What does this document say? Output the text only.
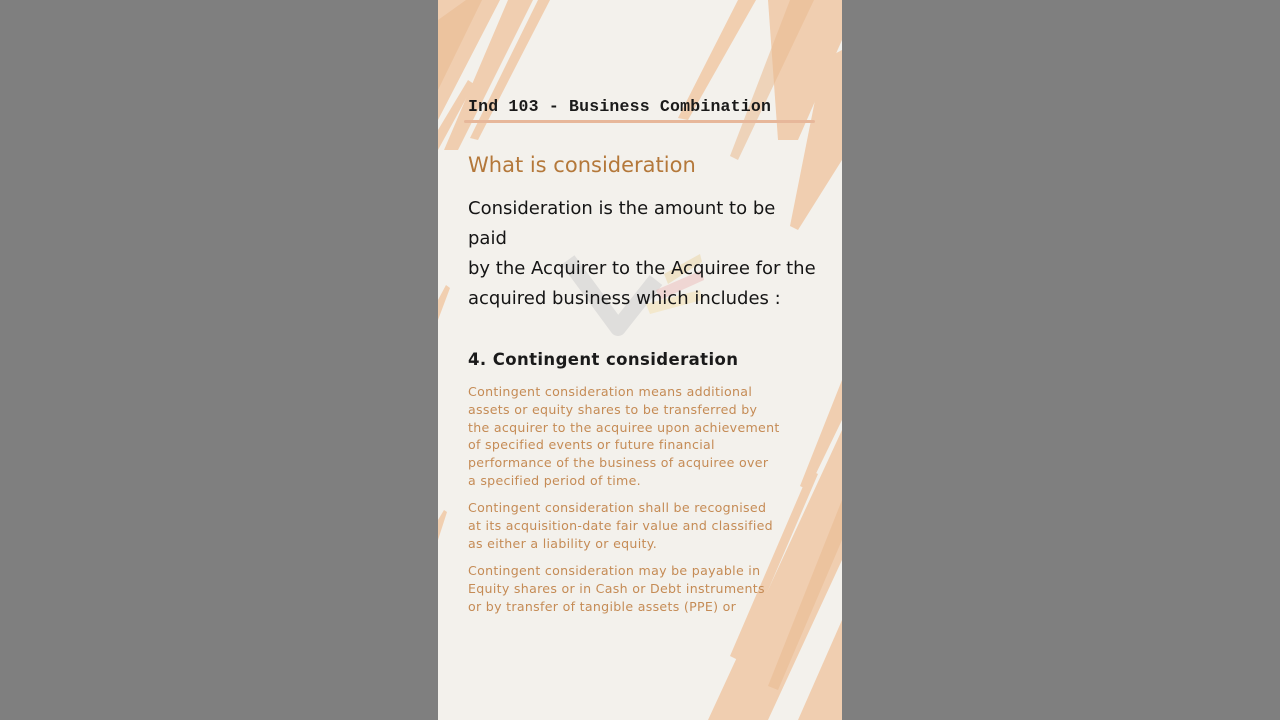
Ind 103 - Business Combination
What is consideration

Consideration is the amount to be paid
by the Acquirer to the Acquiree for the
acquired business which includes :

4. Contingent consideration

Contingent consideration means additional
assets or equity shares to be transferred by
the acquirer to the acquiree upon achievement
of specified events or future financial
performance of the business of acquiree over
a specified period of time.

Contingent consideration shall be recognised
at its acquisition-date fair value and classified
as either a liability or equity.

Contingent consideration may be payable in
Equity shares or in Cash or Debt instruments
or by transfer of tangible assets (PPE) or
